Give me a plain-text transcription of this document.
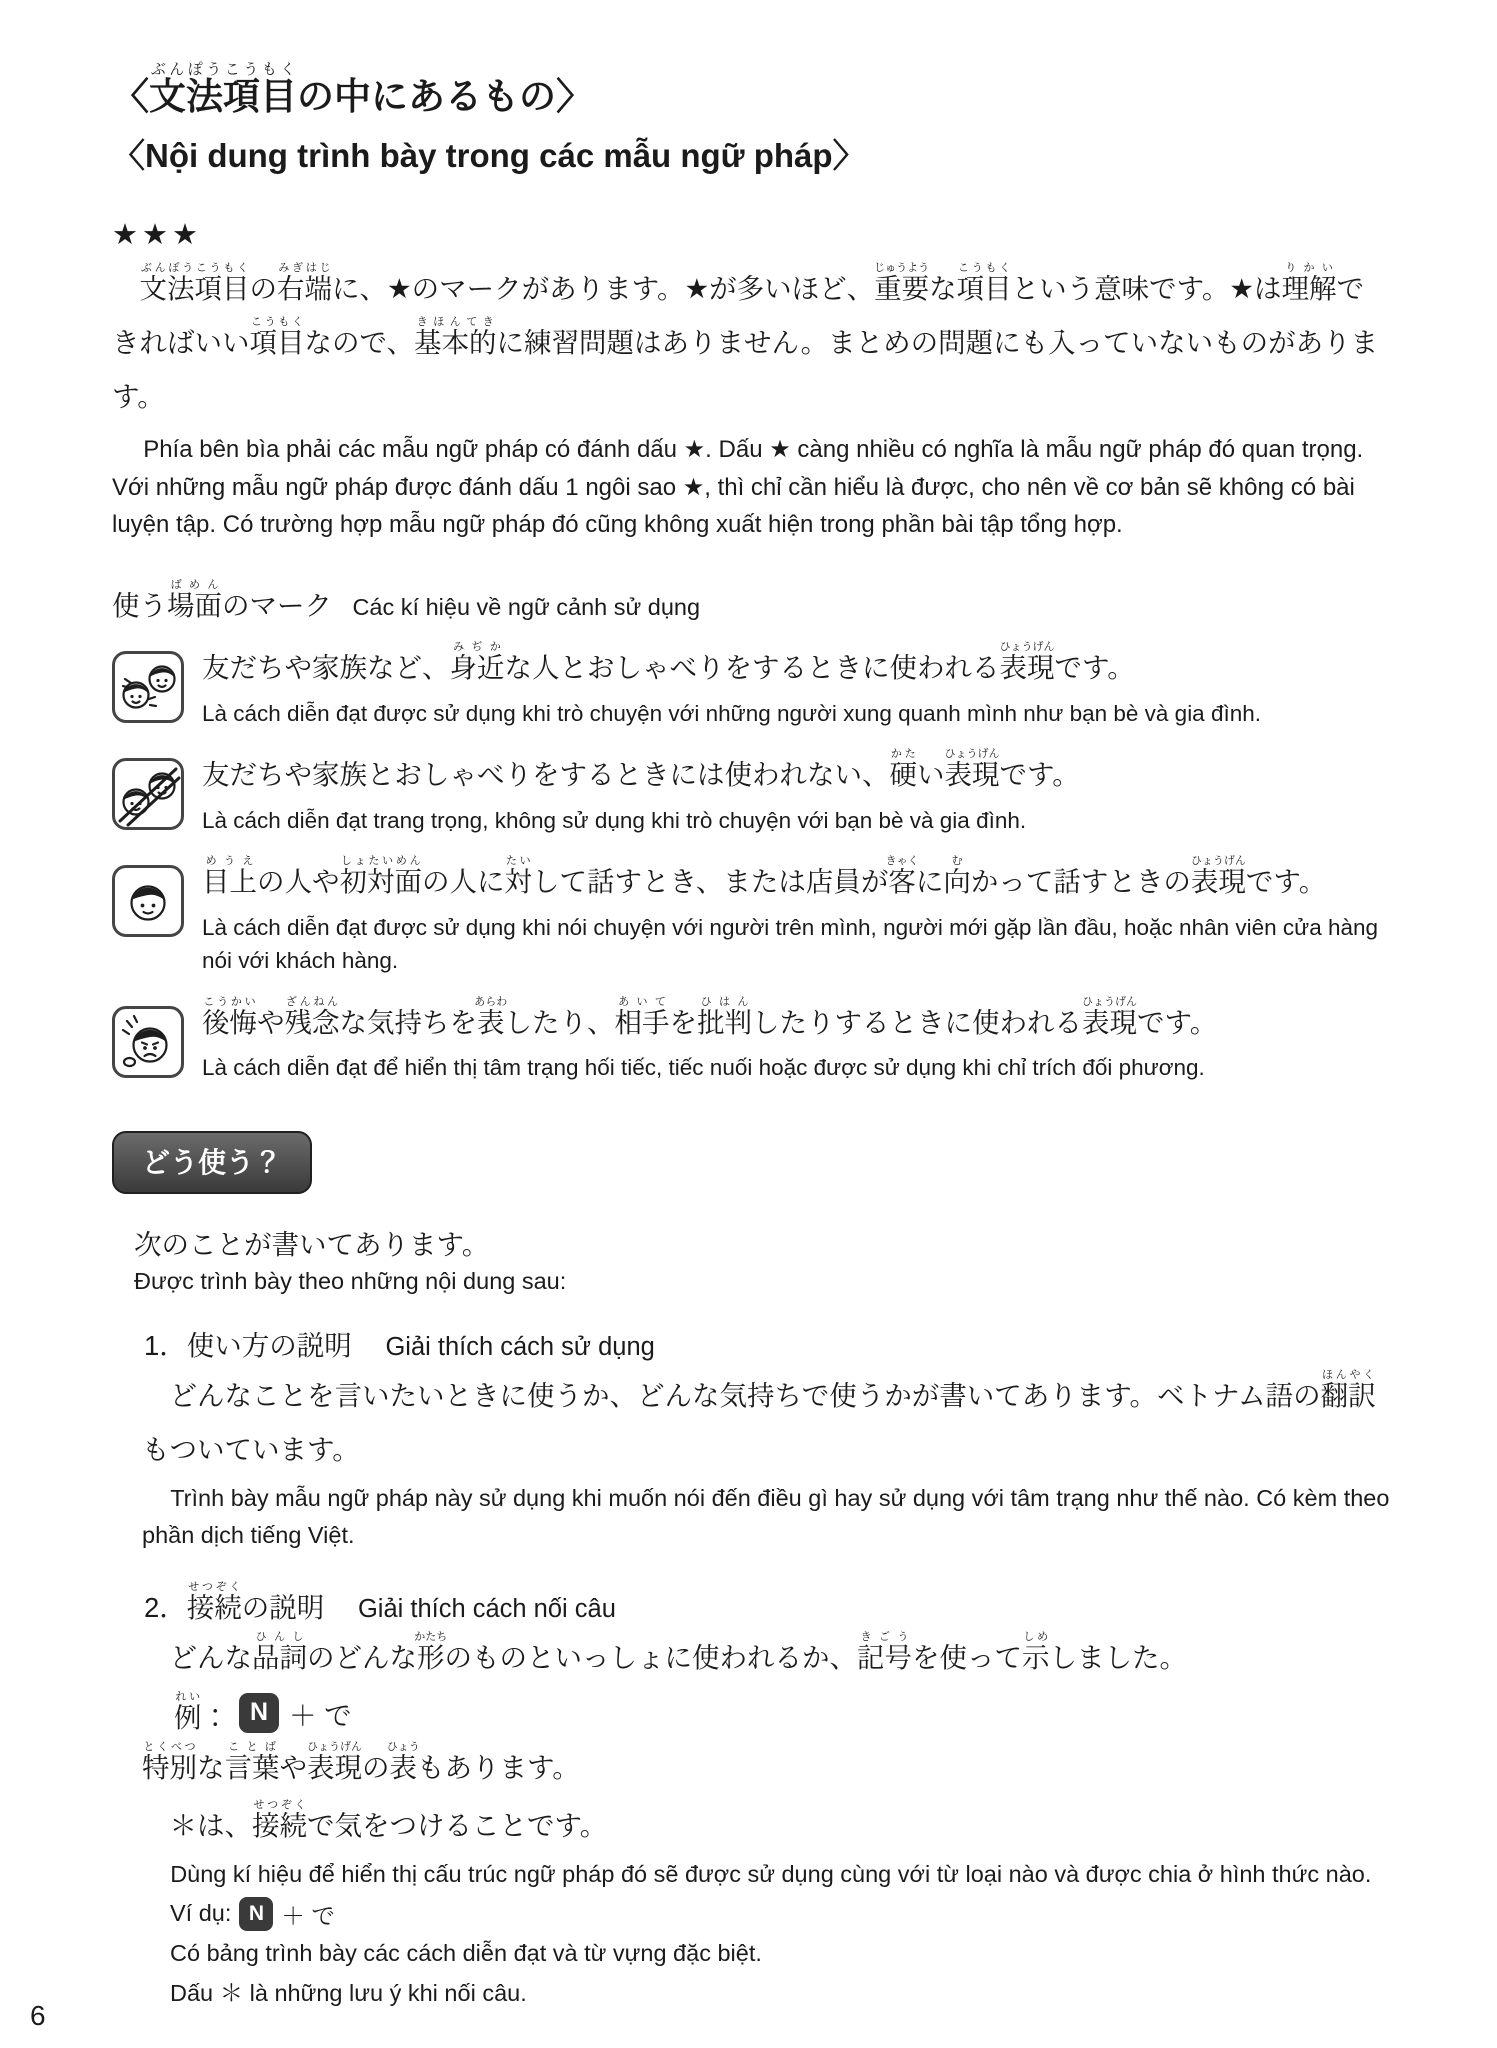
〈文法項目ぶんぽうこうもくの中にあるもの〉
〈Nội dung trình bày trong các mẫu ngữ pháp〉
★★★

文法項目ぶんぽうこうもくの右端みぎはじに、★のマークがあります。★が多いほど、重要じゅうような項目こうもくという意味です。★は理解りかいできればいい項目こうもくなので、基本的きほんてきに練習問題はありません。まとめの問題にも入っていないものがあります。

Phía bên bìa phải các mẫu ngữ pháp có đánh dấu ★. Dấu ★ càng nhiều có nghĩa là mẫu ngữ pháp đó quan trọng. Với những mẫu ngữ pháp được đánh dấu 1 ngôi sao ★, thì chỉ cần hiểu là được, cho nên về cơ bản sẽ không có bài luyện tập. Có trường hợp mẫu ngữ pháp đó cũng không xuất hiện trong phần bài tập tổng hợp.

使う場面ばめんのマーク Các kí hiệu về ngữ cảnh sử dụng
友だちや家族など、身近みぢかな人とおしゃべりをするときに使われる表現ひょうげんです。
Là cách diễn đạt được sử dụng khi trò chuyện với những người xung quanh mình như bạn bè và gia đình.
友だちや家族とおしゃべりをするときには使われない、硬かたい表現ひょうげんです。
Là cách diễn đạt trang trọng, không sử dụng khi trò chuyện với bạn bè và gia đình.
目上めうえの人や初対面しょたいめんの人に対たいして話すとき、または店員が客きゃくに向むかって話すときの表現ひょうげんです。
Là cách diễn đạt được sử dụng khi nói chuyện với người trên mình, người mới gặp lần đầu, hoặc nhân viên cửa hàng nói với khách hàng.
後悔こうかいや残念ざんねんな気持ちを表あらわしたり、相手あいてを批判ひはんしたりするときに使われる表現ひょうげんです。
Là cách diễn đạt để hiển thị tâm trạng hối tiếc, tiếc nuối hoặc được sử dụng khi chỉ trích đối phương.
どう使う？

次のことが書いてあります。

Được trình bày theo những nội dung sau:

1．使い方の説明 Giải thích cách sử dụng

どんなことを言いたいときに使うか、どんな気持ちで使うかが書いてあります。ベトナム語の翻訳ほんやくもついています。

Trình bày mẫu ngữ pháp này sử dụng khi muốn nói đến điều gì hay sử dụng với tâm trạng như thế nào. Có kèm theo phần dịch tiếng Việt.

2．接続せつぞくの説明 Giải thích cách nối câu

どんな品詞ひんしのどんな形かたちのものといっしょに使われるか、記号きごうを使って示しめしました。

例れい： N ＋ で

特別とくべつな言葉ことばや表現ひょうげんの表ひょうもあります。

＊は、接続せつぞくで気をつけることです。

Dùng kí hiệu để hiển thị cấu trúc ngữ pháp đó sẽ được sử dụng cùng với từ loại nào và được chia ở hình thức nào.

Ví dụ: N ＋ で

Có bảng trình bày các cách diễn đạt và từ vựng đặc biệt.

Dấu ＊ là những lưu ý khi nối câu.

6
